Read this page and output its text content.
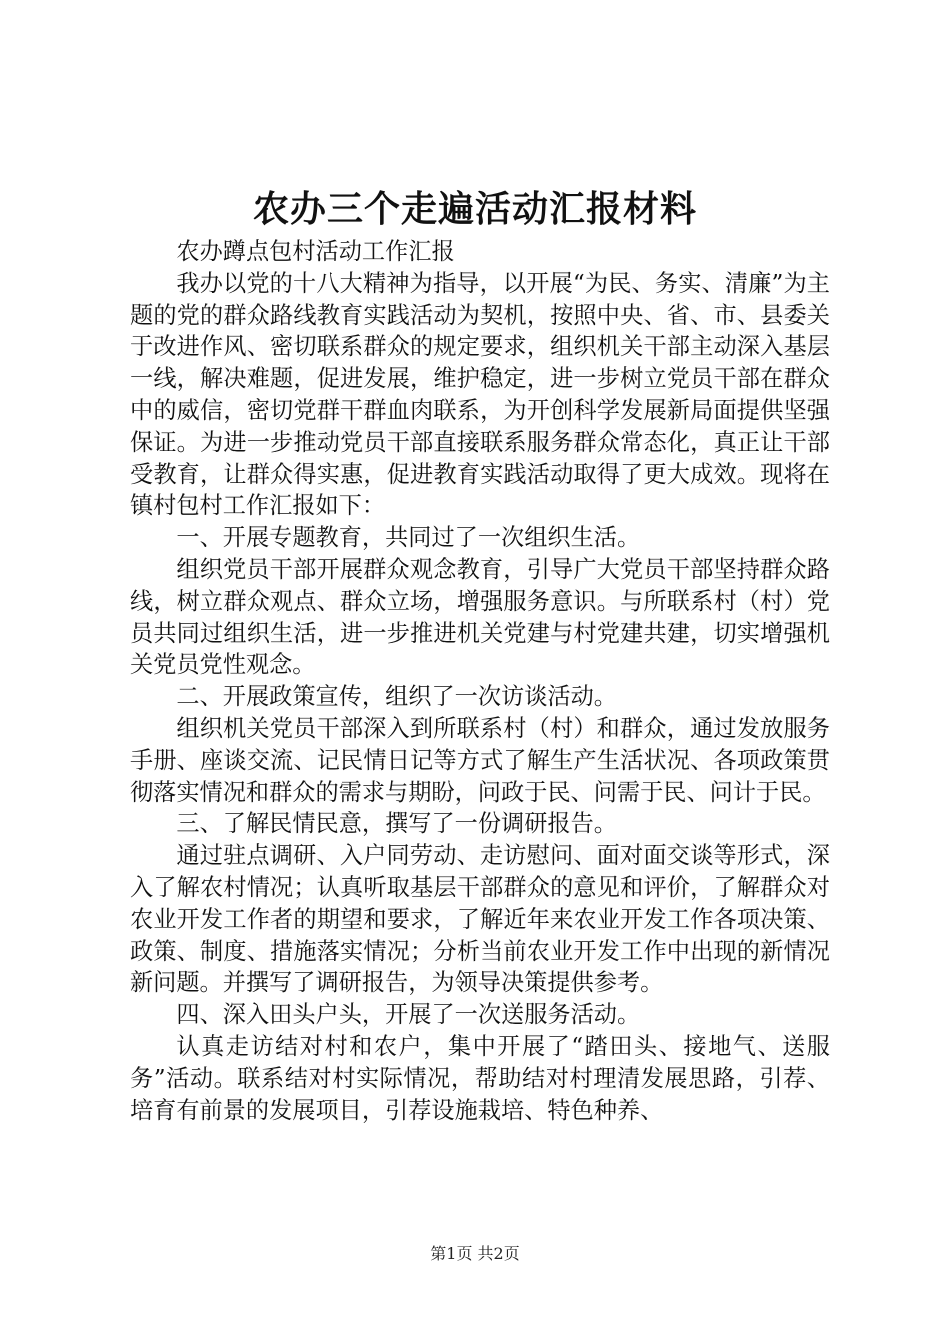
农办三个走遍活动汇报材料

农办蹲点包村活动工作汇报

我办以党的十八大精神为指导，以开展“为民、务实、清廉”为主题的党的群众路线教育实践活动为契机，按照中央、省、市、县委关于改进作风、密切联系群众的规定要求，组织机关干部主动深入基层一线，解决难题，促进发展，维护稳定，进一步树立党员干部在群众中的威信，密切党群干群血肉联系，为开创科学发展新局面提供坚强保证。为进一步推动党员干部直接联系服务群众常态化，真正让干部受教育，让群众得实惠，促进教育实践活动取得了更大成效。现将在镇村包村工作汇报如下：

一、开展专题教育，共同过了一次组织生活。

组织党员干部开展群众观念教育，引导广大党员干部坚持群众路线，树立群众观点、群众立场，增强服务意识。与所联系村（村）党员共同过组织生活，进一步推进机关党建与村党建共建，切实增强机关党员党性观念。

二、开展政策宣传，组织了一次访谈活动。

组织机关党员干部深入到所联系村（村）和群众，通过发放服务手册、座谈交流、记民情日记等方式了解生产生活状况、各项政策贯彻落实情况和群众的需求与期盼，问政于民、问需于民、问计于民。

三、了解民情民意，撰写了一份调研报告。

通过驻点调研、入户同劳动、走访慰问、面对面交谈等形式，深入了解农村情况；认真听取基层干部群众的意见和评价，了解群众对农业开发工作者的期望和要求，了解近年来农业开发工作各项决策、政策、制度、措施落实情况；分析当前农业开发工作中出现的新情况新问题。并撰写了调研报告，为领导决策提供参考。

四、深入田头户头，开展了一次送服务活动。

认真走访结对村和农户，集中开展了“踏田头、接地气、送服务”活动。联系结对村实际情况，帮助结对村理清发展思路，引荐、培育有前景的发展项目，引荐设施栽培、特色种养、

第1页 共2页
